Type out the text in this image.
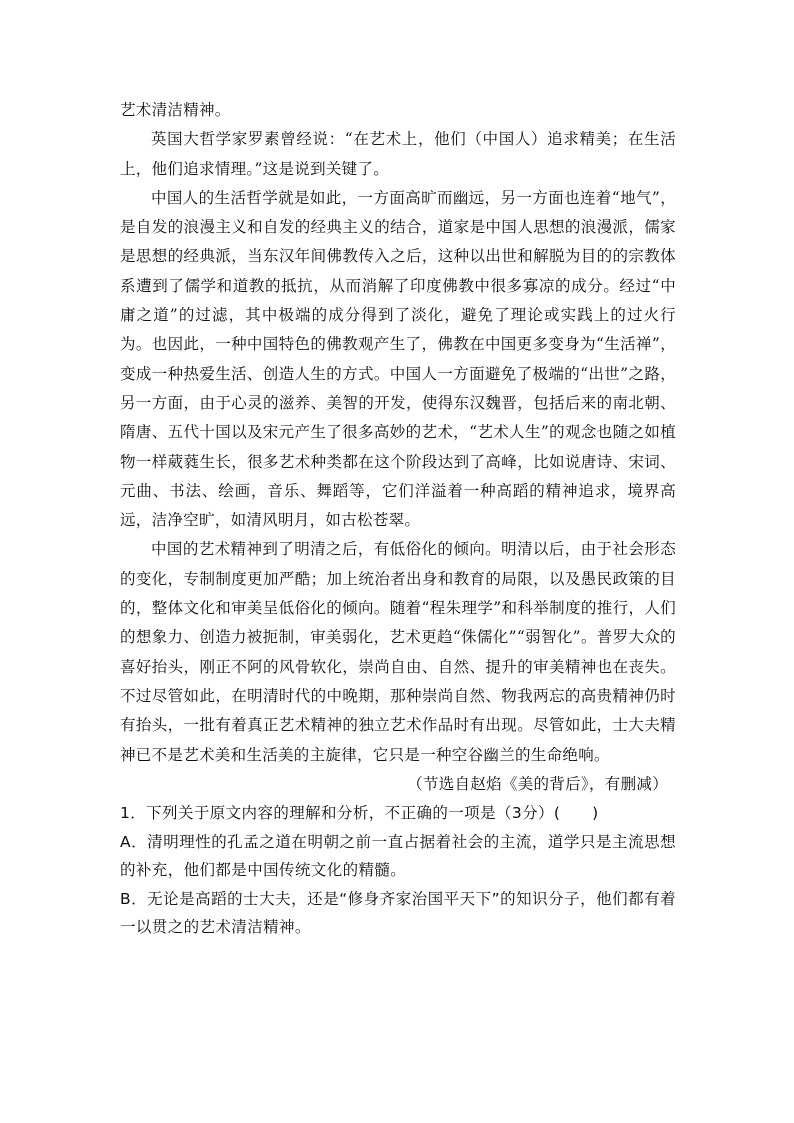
艺术清洁精神。

英国大哲学家罗素曾经说：“在艺术上，他们（中国人）追求精美；在生活上，他们追求情理。”这是说到关键了。

中国人的生活哲学就是如此，一方面高旷而幽远，另一方面也连着“地气”，是自发的浪漫主义和自发的经典主义的结合，道家是中国人思想的浪漫派，儒家是思想的经典派，当东汉年间佛教传入之后，这种以出世和解脱为目的的宗教体系遭到了儒学和道教的抵抗，从而消解了印度佛教中很多寡凉的成分。经过“中庸之道”的过滤，其中极端的成分得到了淡化，避免了理论或实践上的过火行为。也因此，一种中国特色的佛教观产生了，佛教在中国更多变身为“生活禅”，变成一种热爱生活、创造人生的方式。中国人一方面避免了极端的“出世”之路，另一方面，由于心灵的滋养、美智的开发，使得东汉魏晋，包括后来的南北朝、隋唐、五代十国以及宋元产生了很多高妙的艺术，“艺术人生”的观念也随之如植物一样葳蕤生长，很多艺术种类都在这个阶段达到了高峰，比如说唐诗、宋词、元曲、书法、绘画，音乐、舞蹈等，它们洋溢着一种高蹈的精神追求，境界高远，洁净空旷，如清风明月，如古松苍翠。

中国的艺术精神到了明清之后，有低俗化的倾向。明清以后，由于社会形态的变化，专制制度更加严酷；加上统治者出身和教育的局限，以及愚民政策的目的，整体文化和审美呈低俗化的倾向。随着“程朱理学”和科举制度的推行，人们的想象力、创造力被扼制，审美弱化，艺术更趋“侏儒化”“弱智化”。普罗大众的喜好抬头，刚正不阿的风骨软化，崇尚自由、自然、提升的审美精神也在丧失。不过尽管如此，在明清时代的中晚期，那种崇尚自然、物我两忘的高贵精神仍时有抬头，一批有着真正艺术精神的独立艺术作品时有出现。尽管如此，士大夫精神已不是艺术美和生活美的主旋律，它只是一种空谷幽兰的生命绝响。

（节选自赵焰《美的背后》，有删减）

1．下列关于原文内容的理解和分析，不正确的一项是（3分）(　　)

A．清明理性的孔孟之道在明朝之前一直占据着社会的主流，道学只是主流思想的补充，他们都是中国传统文化的精髓。

B．无论是高蹈的士大夫，还是“修身齐家治国平天下”的知识分子，他们都有着一以贯之的艺术清洁精神。
